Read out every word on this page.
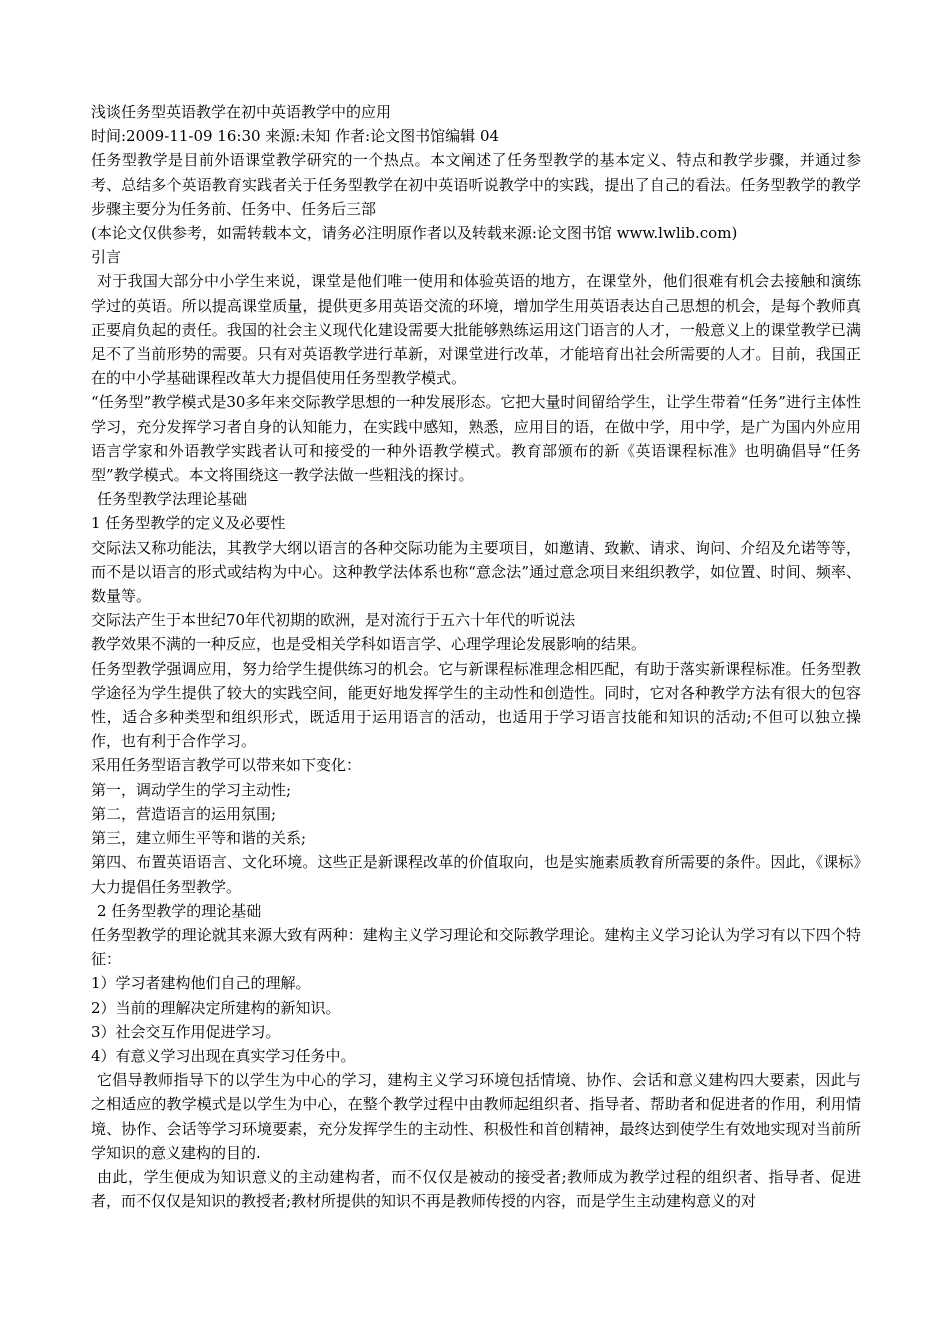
浅谈任务型英语教学在初中英语教学中的应用

时间:2009-11-09 16:30 来源:未知 作者:论文图书馆编辑 04

任务型教学是目前外语课堂教学研究的一个热点。本文阐述了任务型教学的基本定义、特点和教学步骤，并通过参考、总结多个英语教育实践者关于任务型教学在初中英语听说教学中的实践，提出了自己的看法。任务型教学的教学步骤主要分为任务前、任务中、任务后三部

(本论文仅供参考，如需转载本文，请务必注明原作者以及转载来源:论文图书馆 www.lwlib.com)

引言

对于我国大部分中小学生来说，课堂是他们唯一使用和体验英语的地方，在课堂外，他们很难有机会去接触和演练学过的英语。所以提高课堂质量，提供更多用英语交流的环境，增加学生用英语表达自己思想的机会，是每个教师真正要肩负起的责任。我国的社会主义现代化建设需要大批能够熟练运用这门语言的人才，一般意义上的课堂教学已满足不了当前形势的需要。只有对英语教学进行革新，对课堂进行改革，才能培育出社会所需要的人才。目前，我国正在的中小学基础课程改革大力提倡使用任务型教学模式。

“任务型”教学模式是30多年来交际教学思想的一种发展形态。它把大量时间留给学生，让学生带着“任务”进行主体性学习，充分发挥学习者自身的认知能力，在实践中感知，熟悉，应用目的语，在做中学，用中学，是广为国内外应用语言学家和外语教学实践者认可和接受的一种外语教学模式。教育部颁布的新《英语课程标准》也明确倡导“任务型”教学模式。本文将围绕这一教学法做一些粗浅的探讨。

任务型教学法理论基础

1 任务型教学的定义及必要性

交际法又称功能法，其教学大纲以语言的各种交际功能为主要项目，如邀请、致歉、请求、询问、介绍及允诺等等，而不是以语言的形式或结构为中心。这种教学法体系也称“意念法”通过意念项目来组织教学，如位置、时间、频率、数量等。

交际法产生于本世纪70年代初期的欧洲，是对流行于五六十年代的听说法

教学效果不满的一种反应，也是受相关学科如语言学、心理学理论发展影响的结果。

任务型教学强调应用，努力给学生提供练习的机会。它与新课程标准理念相匹配，有助于落实新课程标准。任务型教学途径为学生提供了较大的实践空间，能更好地发挥学生的主动性和创造性。同时，它对各种教学方法有很大的包容性，适合多种类型和组织形式，既适用于运用语言的活动，也适用于学习语言技能和知识的活动;不但可以独立操作，也有利于合作学习。

采用任务型语言教学可以带来如下变化：

第一，调动学生的学习主动性;

第二，营造语言的运用氛围;

第三，建立师生平等和谐的关系;

第四、布置英语语言、文化环境。这些正是新课程改革的价值取向，也是实施素质教育所需要的条件。因此，《课标》大力提倡任务型教学。

2 任务型教学的理论基础

任务型教学的理论就其来源大致有两种：建构主义学习理论和交际教学理论。建构主义学习论认为学习有以下四个特征：

1）学习者建构他们自己的理解。

2）当前的理解决定所建构的新知识。

3）社会交互作用促进学习。

4）有意义学习出现在真实学习任务中。

它倡导教师指导下的以学生为中心的学习，建构主义学习环境包括情境、协作、会话和意义建构四大要素，因此与之相适应的教学模式是以学生为中心，在整个教学过程中由教师起组织者、指导者、帮助者和促进者的作用，利用情境、协作、会话等学习环境要素，充分发挥学生的主动性、积极性和首创精神，最终达到使学生有效地实现对当前所学知识的意义建构的目的.

由此，学生便成为知识意义的主动建构者，而不仅仅是被动的接受者;教师成为教学过程的组织者、指导者、促进者，而不仅仅是知识的教授者;教材所提供的知识不再是教师传授的内容，而是学生主动建构意义的对
